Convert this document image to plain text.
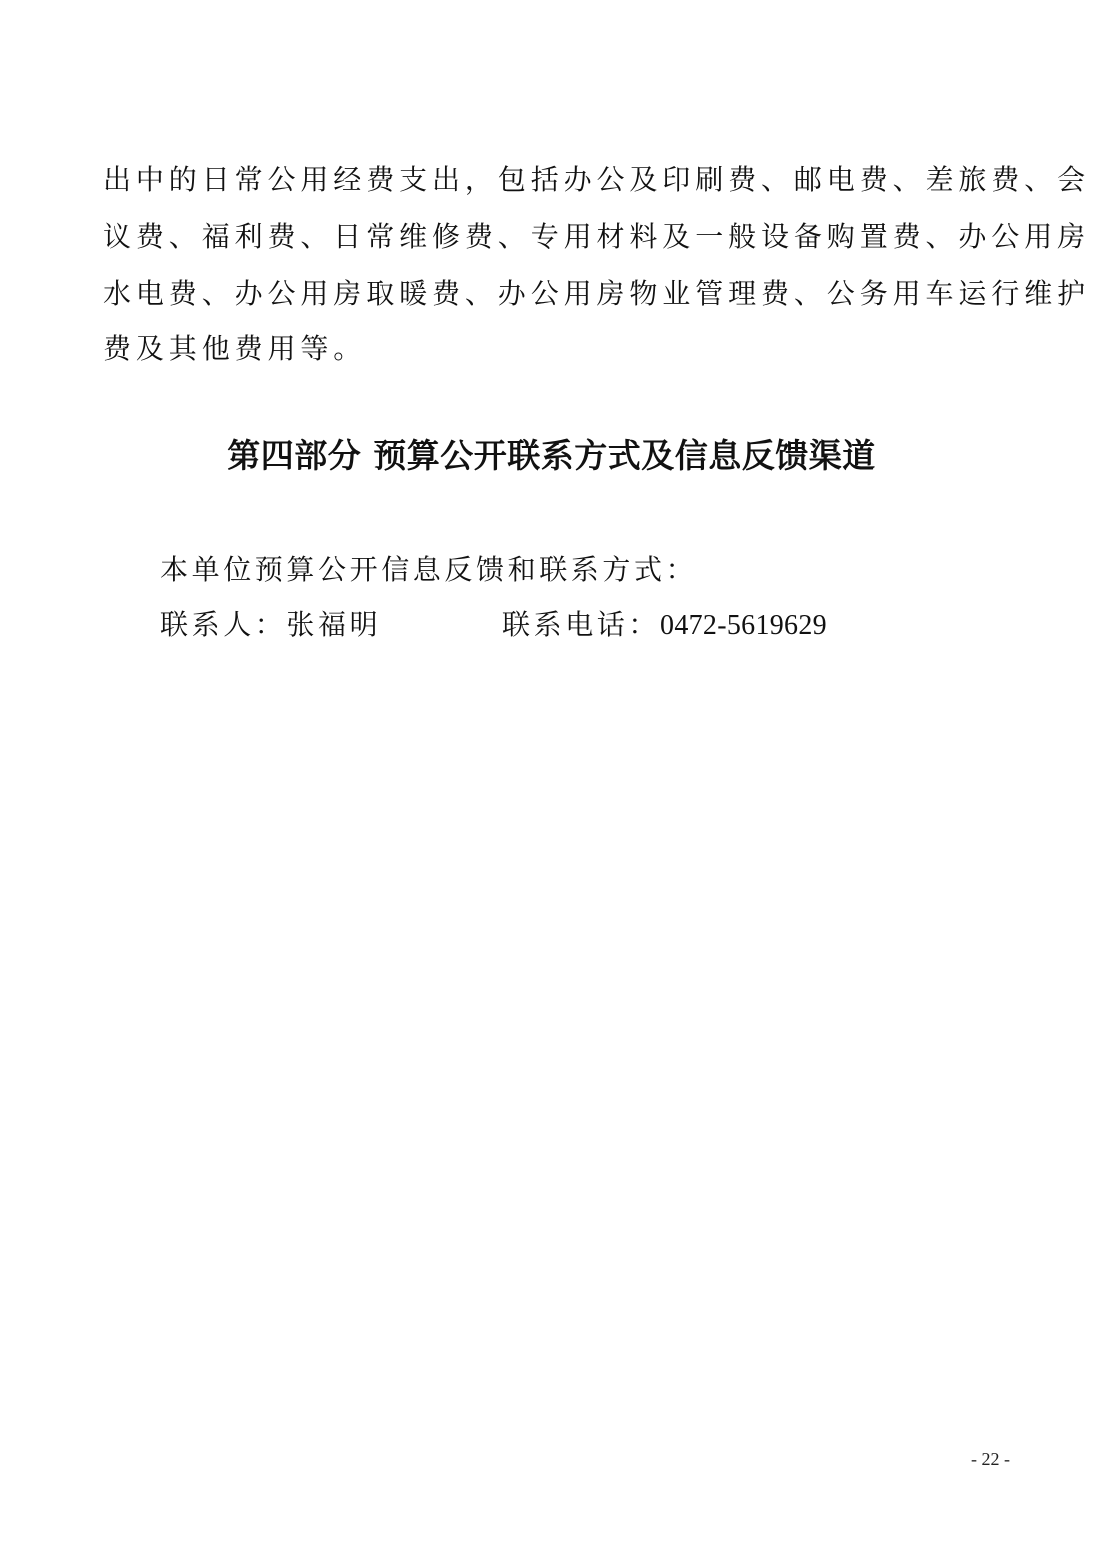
出中的日常公用经费支出，包括办公及印刷费、邮电费、差旅费、会
议费、福利费、日常维修费、专用材料及一般设备购置费、办公用房
水电费、办公用房取暖费、办公用房物业管理费、公务用车运行维护
费及其他费用等。
第四部分 预算公开联系方式及信息反馈渠道
本单位预算公开信息反馈和联系方式：
联系人：张福明	联系电话：0472-5619629
- 22 -
